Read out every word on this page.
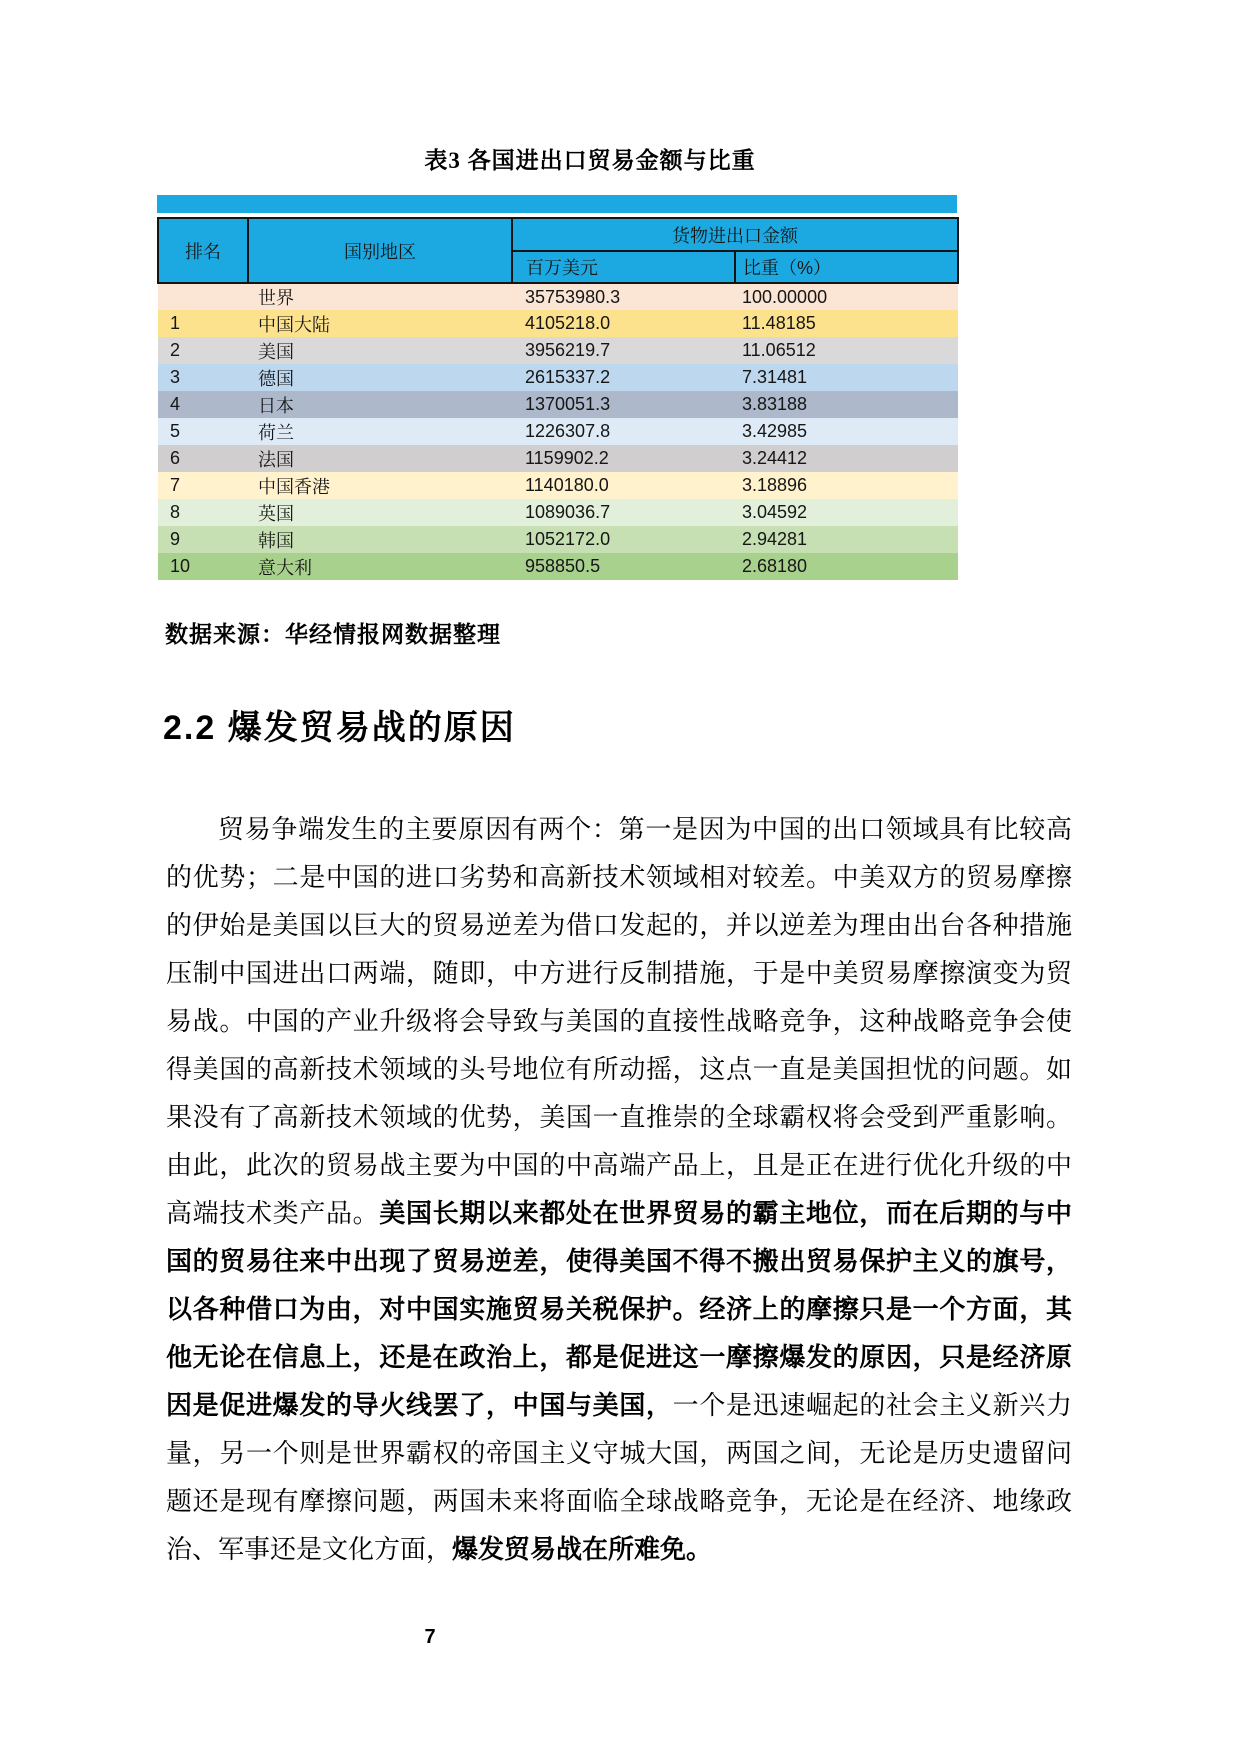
表3 各国进出口贸易金额与比重
排名	国别地区	货物进出口金额	
		百万美元	比重（%）
	世界	35753980.3	100.00000
1	中国大陆	4105218.0	11.48185
2	美国	3956219.7	11.06512
3	德国	2615337.2	7.31481
4	日本	1370051.3	3.83188
5	荷兰	1226307.8	3.42985
6	法国	1159902.2	3.24412
7	中国香港	1140180.0	3.18896
8	英国	1089036.7	3.04592
9	韩国	1052172.0	2.94281
10	意大利	958850.5	2.68180
数据来源：华经情报网数据整理
2.2 爆发贸易战的原因
贸易争端发生的主要原因有两个：第一是因为中国的出口领域具有比较高的优势；二是中国的进口劣势和高新技术领域相对较差。中美双方的贸易摩擦的伊始是美国以巨大的贸易逆差为借口发起的，并以逆差为理由出台各种措施压制中国进出口两端，随即，中方进行反制措施，于是中美贸易摩擦演变为贸易战。中国的产业升级将会导致与美国的直接性战略竞争，这种战略竞争会使得美国的高新技术领域的头号地位有所动摇，这点一直是美国担忧的问题。如果没有了高新技术领域的优势，美国一直推崇的全球霸权将会受到严重影响。由此，此次的贸易战主要为中国的中高端产品上，且是正在进行优化升级的中高端技术类产品。美国长期以来都处在世界贸易的霸主地位，而在后期的与中国的贸易往来中出现了贸易逆差，使得美国不得不搬出贸易保护主义的旗号，以各种借口为由，对中国实施贸易关税保护。经济上的摩擦只是一个方面，其他无论在信息上，还是在政治上，都是促进这一摩擦爆发的原因，只是经济原因是促进爆发的导火线罢了，中国与美国，一个是迅速崛起的社会主义新兴力量，另一个则是世界霸权的帝国主义守城大国，两国之间，无论是历史遗留问题还是现有摩擦问题，两国未来将面临全球战略竞争，无论是在经济、地缘政治、军事还是文化方面，爆发贸易战在所难免。
7
